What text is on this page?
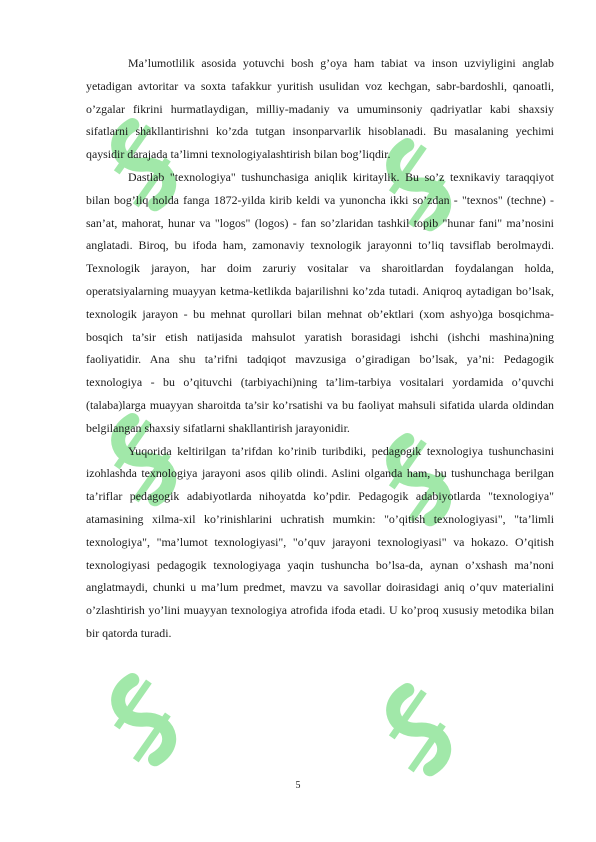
Ma’lumotlilik asosida yotuvchi bosh g’oya ham tabiat va inson uzviyligini anglab yetadigan avtoritar va soxta tafakkur yuritish usulidan voz kechgan, sabr-bardoshli, qanoatli, o’zgalar fikrini hurmatlaydigan, milliy-madaniy va umuminsoniy qadriyatlar kabi shaxsiy sifatlarni shakllantirishni ko’zda tutgan insonparvarlik hisoblanadi. Bu masalaning yechimi qaysidir darajada ta’limni texnologiyalashtirish bilan bog’liqdir.

Dastlab "texnologiya" tushunchasiga aniqlik kiritaylik. Bu so’z texnikaviy taraqqiyot bilan bog’liq holda fanga 1872-yilda kirib keldi va yunoncha ikki so’zdan - "texnos" (techne) - san’at, mahorat, hunar va "logos" (logos) - fan so’zlaridan tashkil topib "hunar fani" ma’nosini anglatadi. Biroq, bu ifoda ham, zamonaviy texnologik jarayonni to’liq tavsiflab berolmaydi. Texnologik jarayon, har doim zaruriy vositalar va sharoitlardan foydalangan holda, operatsiyalarning muayyan ketma-ketlikda bajarilishni ko’zda tutadi. Aniqroq aytadigan bo’lsak, texnologik jarayon - bu mehnat qurollari bilan mehnat ob’ektlari (xom ashyo)ga bosqichma-bosqich ta’sir etish natijasida mahsulot yaratish borasidagi ishchi (ishchi mashina)ning faoliyatidir. Ana shu ta’rifni tadqiqot mavzusiga o’giradigan bo’lsak, ya’ni: Pedagogik texnologiya - bu o’qituvchi (tarbiyachi)ning ta’lim-tarbiya vositalari yordamida o’quvchi (talaba)larga muayyan sharoitda ta’sir ko’rsatishi va bu faoliyat mahsuli sifatida ularda oldindan belgilangan shaxsiy sifatlarni shakllantirish jarayonidir.

Yuqorida keltirilgan ta’rifdan ko’rinib turibdiki, pedagogik texnologiya tushunchasini izohlashda texnologiya jarayoni asos qilib olindi. Aslini olganda ham, bu tushunchaga berilgan ta’riflar pedagogik adabiyotlarda nihoyatda ko’pdir. Pedagogik adabiyotlarda "texnologiya" atamasining xilma-xil ko’rinishlarini uchratish mumkin: "o’qitish texnologiyasi", "ta’limli texnologiya", "ma’lumot texnologiyasi", "o’quv jarayoni texnologiyasi" va hokazo. O’qitish texnologiyasi pedagogik texnologiyaga yaqin tushuncha bo’lsa-da, aynan o’xshash ma’noni anglatmaydi, chunki u ma’lum predmet, mavzu va savollar doirasidagi aniq o’quv materialini o’zlashtirish yo’lini muayyan texnologiya atrofida ifoda etadi. U ko’proq xususiy metodika bilan bir qatorda turadi.

5
